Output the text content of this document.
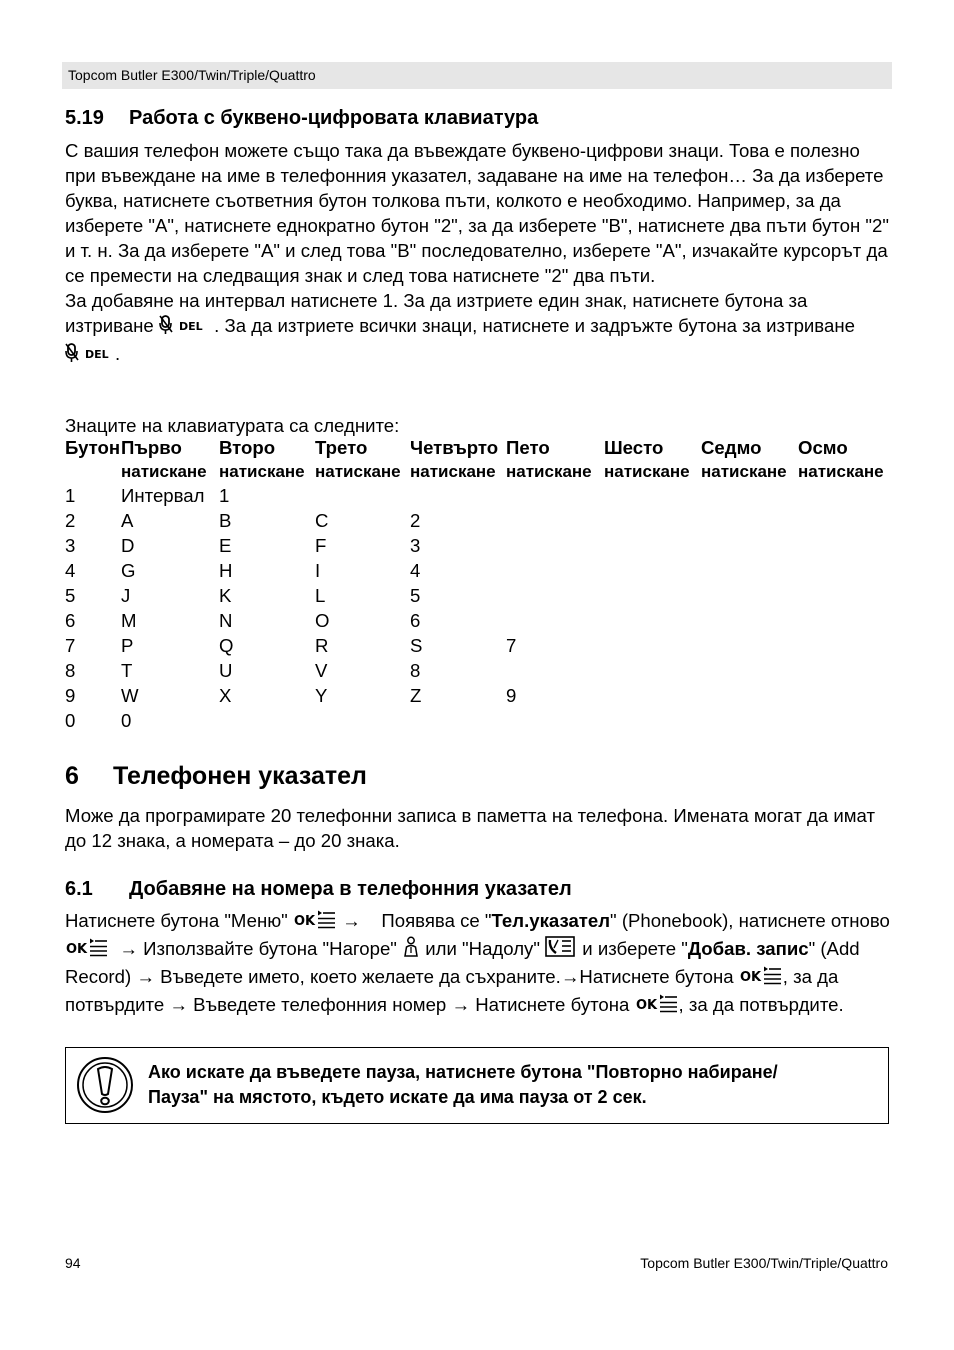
Topcom Butler E300/Twin/Triple/Quattro
5.19 Работа с буквено-цифровата клавиатура

С вашия телефон можете също така да въвеждате буквено-цифрови знаци. Това е полезно при въвеждане на име в телефонния указател, задаване на име на телефон… За да изберете буква, натиснете съответния бутон толкова пъти, колкото е необходимо. Например, за да изберете "A", натиснете еднократно бутон "2", за да изберете "B", натиснете два пъти бутон "2" и т. н. За да изберете "A" и след това "B" последователно, изберете "A", изчакайте курсорът да се премести на следващия знак и след това натиснете "2" два пъти.

За добавяне на интервал натиснете 1. За да изтриете един знак, натиснете бутона за изтриване DEL . За да изтриете всички знаци, натиснете и задръжте бутона за изтриване
DEL .

Знаците на клавиатурата са следните:
Бутон Първо Второ Трето Четвърто Пето	Шесто Седмо Осмо
натискане натискане натискане натискане натискане натискане натискане натискане
1 Интервал 1
2 A	B	C	2
3 D	E	F	3
4 G	H	I	4
5 J	K	L	5
6 M	N	O	6
7 P	Q	R	S	7
8 T	U	V	8
9 W	X	Y	Z	9
0 0
6 Телефонен указател
Може да програмирате 20 телефонни записа в паметта на телефона. Имената могат да имат до 12 знака, а номерата – до 20 знака.
6.1 Добавяне на номера в телефонния указател
Натиснете бутона "Меню" OK → Появява се "Тел.указател" (Phonebook), натиснете отново
OK → Използвайте бутона "Нагоре" или "Надолу" и изберете "Добав. запис" (Add Record) → Въведете името, което желаете да съхраните.→Натиснете бутона OK , за да потвърдите → Въведете телефонния номер → Натиснете бутона OK , за да потвърдите.
Ако искате да въведете пауза, натиснете бутона "Повторно набиране/
Пауза" на мястото, където искате да има пауза от 2 сек.
94	Topcom Butler E300/Twin/Triple/Quattro
